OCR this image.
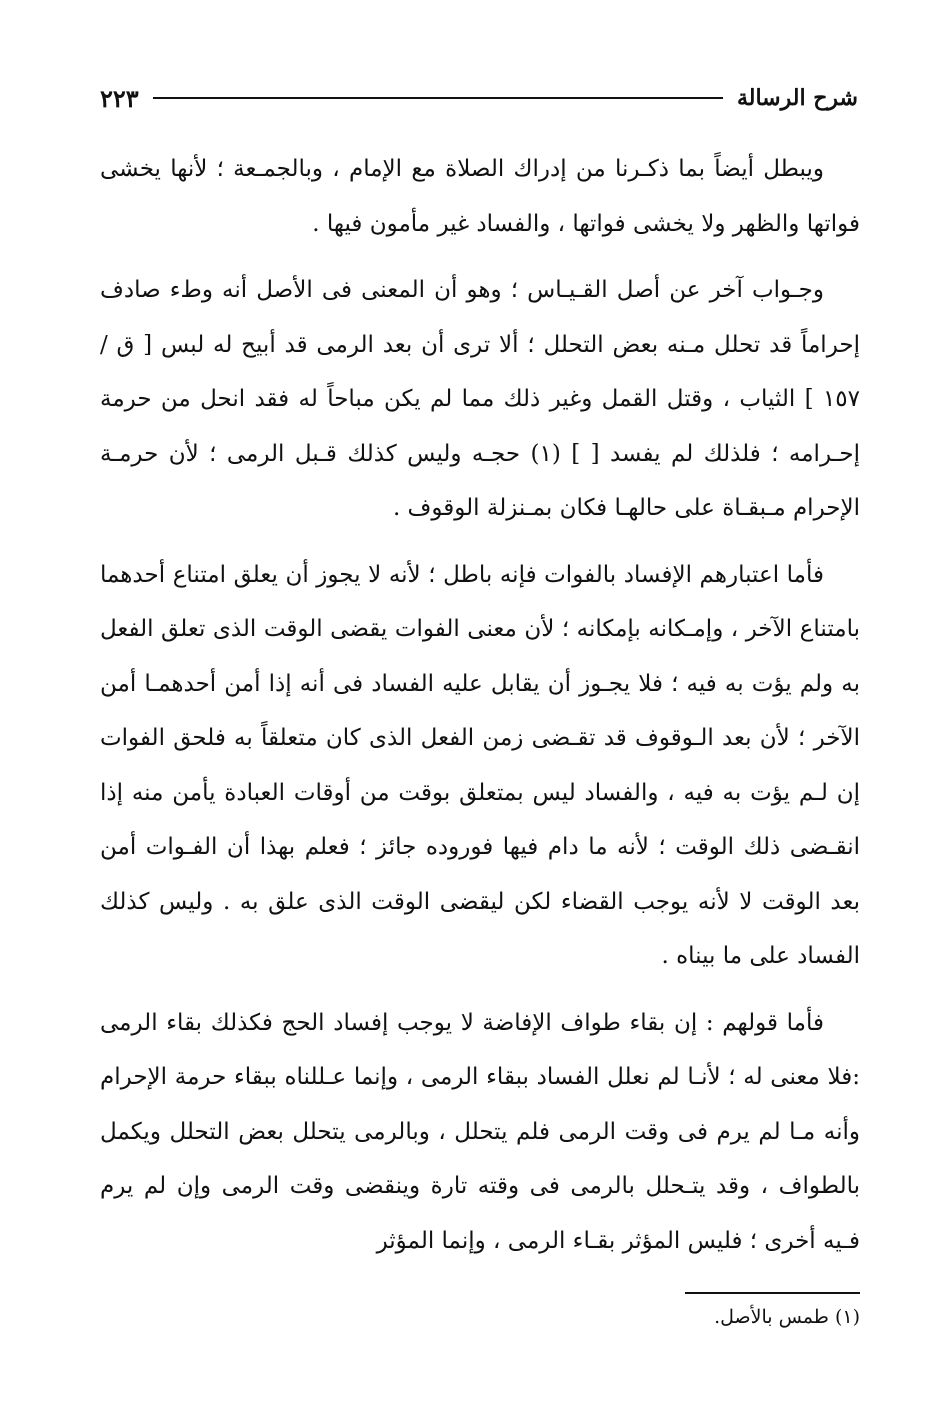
شرح الرسالة
٢٢٣

ويبطل أيضاً بما ذكـرنا من إدراك الصلاة مع الإمام ، وبالجمـعة ؛ لأنها يخشى فواتها والظهر ولا يخشى فواتها ، والفساد غير مأمون فيها .

وجـواب آخر عن أصل القـيـاس ؛ وهو أن المعنى فى الأصل أنه وطء صادف إحراماً قد تحلل مـنه بعض التحلل ؛ ألا ترى أن بعد الرمى قد أبيح له لبس [ ق / ١٥٧ ] الثياب ، وقتل القمل وغير ذلك مما لم يكن مباحاً له فقد انحل من حرمة إحـرامه ؛ فلذلك لم يفسد [ ] (١) حجـه وليس كذلك قـبل الرمى ؛ لأن حرمـة الإحرام مـبقـاة على حالهـا فكان بمـنزلة الوقوف .

فأما اعتبارهم الإفساد بالفوات فإنه باطل ؛ لأنه لا يجوز أن يعلق امتناع أحدهما بامتناع الآخر ، وإمـكانه بإمكانه ؛ لأن معنى الفوات يقضى الوقت الذى تعلق الفعل به ولم يؤت به فيه ؛ فلا يجـوز أن يقابل عليه الفساد فى أنه إذا أمن أحدهمـا أمن الآخر ؛ لأن بعد الـوقوف قد تقـضى زمن الفعل الذى كان متعلقاً به فلحق الفوات إن لـم يؤت به فيه ، والفساد ليس بمتعلق بوقت من أوقات العبادة يأمن منه إذا انقـضى ذلك الوقت ؛ لأنه ما دام فيها فوروده جائز ؛ فعلم بهذا أن الفـوات أمن بعد الوقت لا لأنه يوجب القضاء لكن ليقضى الوقت الذى علق به . وليس كذلك الفساد على ما بيناه .

فأما قولهم : إن بقاء طواف الإفاضة لا يوجب إفساد الحج فكذلك بقاء الرمى :فلا معنى له ؛ لأنـا لم نعلل الفساد ببقاء الرمى ، وإنما عـللناه ببقاء حرمة الإحرام وأنه مـا لم يرم فى وقت الرمى فلم يتحلل ، وبالرمى يتحلل بعض التحلل ويكمل بالطواف ، وقد يتـحلل بالرمى فى وقته تارة وينقضى وقت الرمى وإن لم يرم فـيه أخرى ؛ فليس المؤثر بقـاء الرمى ، وإنما المؤثر

(١) طمس بالأصل.
